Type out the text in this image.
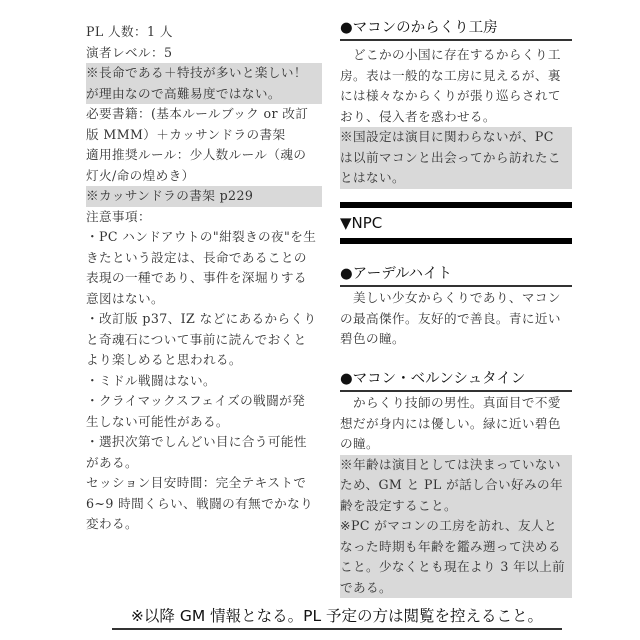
PL 人数：1 人
演者レベル：5
※長命である＋特技が多いと楽しい！
が理由なので高難易度ではない。
必要書籍：(基本ルールブック or 改訂
版 MMM）＋カッサンドラの書架
適用推奨ルール：少人数ルール（魂の
灯火/命の煌めき）
※カッサンドラの書架 p229
注意事項：
・PC ハンドアウトの"紺裂きの夜"を生
きたという設定は、長命であることの
表現の一種であり、事件を深堀りする
意図はない。
・改訂版 p37、IZ などにあるからくり
と奇魂石について事前に読んでおくと
より楽しめると思われる。
・ミドル戦闘はない。
・クライマックスフェイズの戦闘が発
生しない可能性がある。
・選択次第でしんどい目に合う可能性
がある。
セッション目安時間：完全テキストで
6~9 時間くらい、戦闘の有無でかなり
変わる。
●マコンのからくり工房
　どこかの小国に存在するからくり工
房。表は一般的な工房に見えるが、裏
には様々なからくりが張り巡らされて
おり、侵入者を惑わせる。
※国設定は演目に関わらないが、PC
は以前マコンと出会ってから訪れたこ
とはない。
▼NPC
●アーデルハイト
　美しい少女からくりであり、マコン
の最高傑作。友好的で善良。青に近い
碧色の瞳。
●マコン・ベルンシュタイン
　からくり技師の男性。真面目で不愛
想だが身内には優しい。緑に近い碧色
の瞳。
※年齢は演目としては決まっていない
ため、GM と PL が話し合い好みの年
齢を設定すること。
※PC がマコンの工房を訪れ、友人と
なった時期も年齢を鑑み遡って決める
こと。少なくとも現在より 3 年以上前
である。
※以降 GM 情報となる。PL 予定の方は閲覧を控えること。
